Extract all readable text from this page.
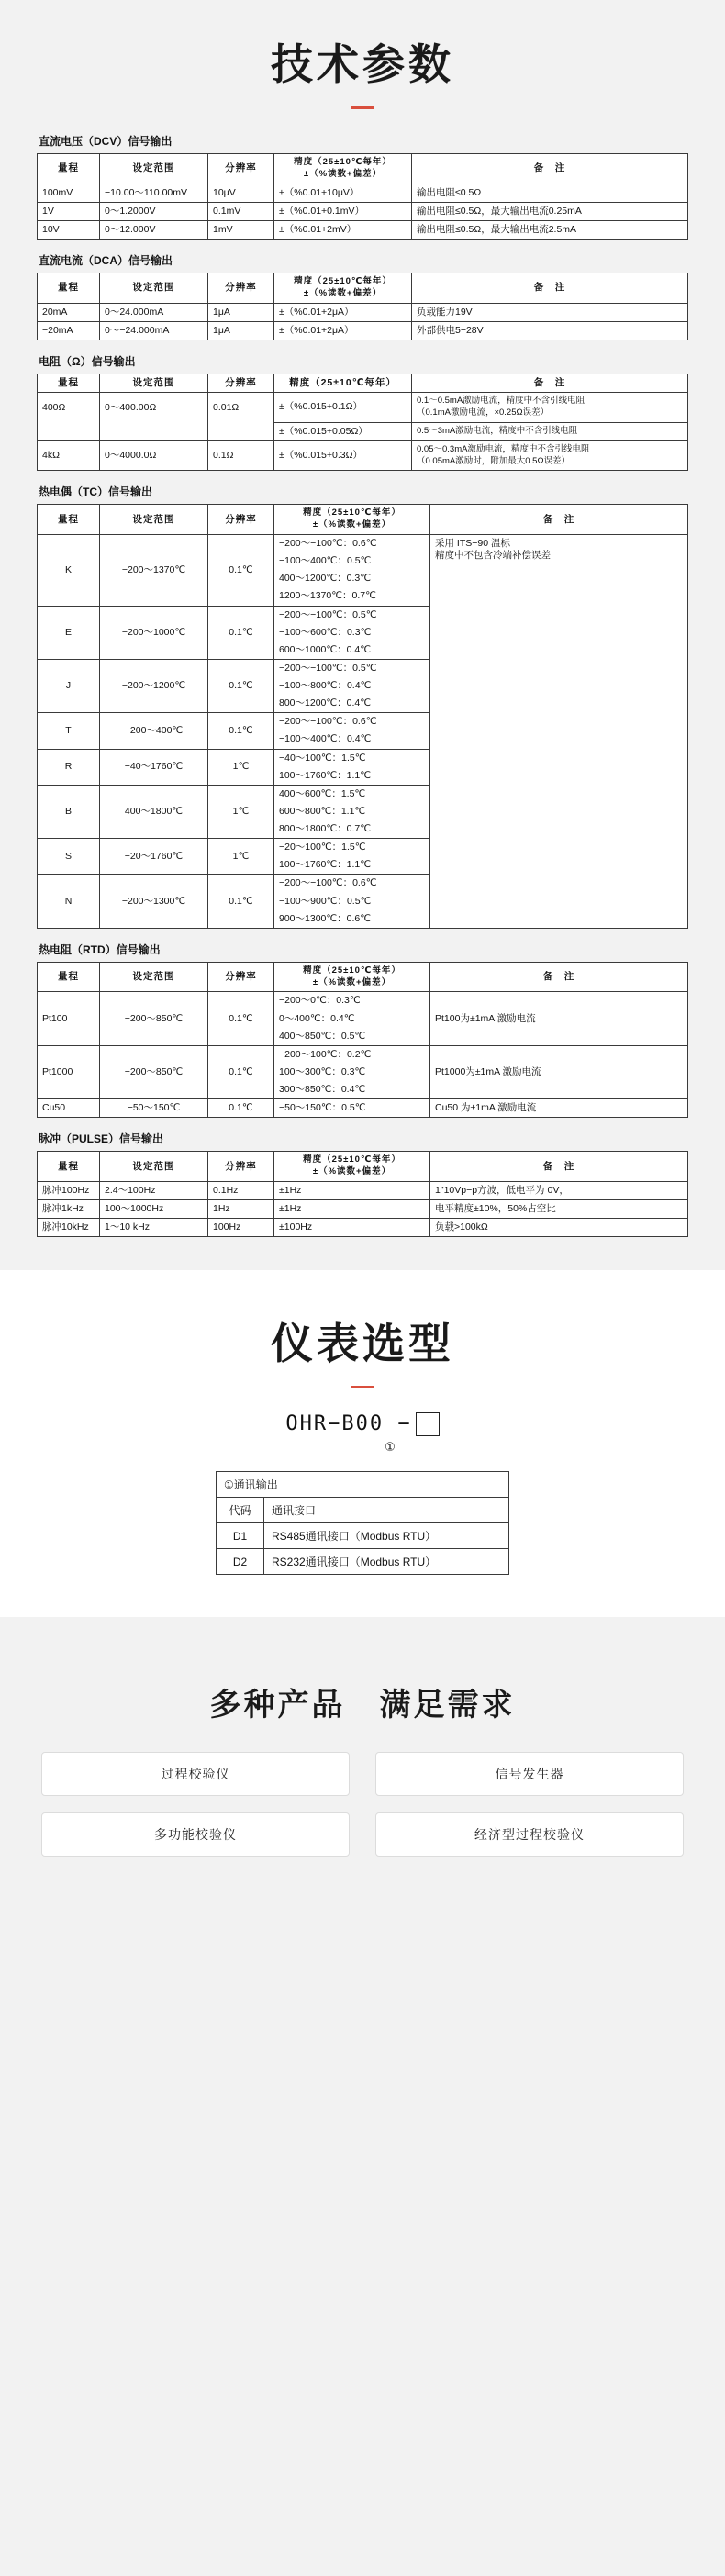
技术参数
直流电压（DCV）信号输出
量程	设定范围	分辨率	精度（25±10℃每年）
±（%读数+偏差）	备　注
100mV	−10.00〜110.00mV	10μV	±（%0.01+10μV）	输出电阻≤0.5Ω
1V	0〜1.2000V	0.1mV	±（%0.01+0.1mV）	输出电阻≤0.5Ω，最大输出电流0.25mA
10V	0〜12.000V	1mV	±（%0.01+2mV）	输出电阻≤0.5Ω，最大输出电流2.5mA
直流电流（DCA）信号输出
量程	设定范围	分辨率	精度（25±10℃每年）
±（%读数+偏差）	备　注
20mA	0〜24.000mA	1μA	±（%0.01+2μA）	负载能力19V
−20mA	0〜−24.000mA	1μA	±（%0.01+2μA）	外部供电5−28V
电阻（Ω）信号输出
量程	设定范围	分辨率	精度（25±10℃每年）	备　注
400Ω	0〜400.00Ω	0.01Ω	±（%0.015+0.1Ω）	0.1〜0.5mA激励电流，精度中不含引线电阻
（0.1mA激励电流，×0.25Ω误差）
			±（%0.015+0.05Ω）	0.5〜3mA激励电流，精度中不含引线电阻
4kΩ	0〜4000.0Ω	0.1Ω	±（%0.015+0.3Ω）	0.05〜0.3mA激励电流，精度中不含引线电阻
（0.05mA激励时，附加最大0.5Ω误差）
热电偶（TC）信号输出
量程	设定范围	分辨率	精度（25±10℃每年）
±（%读数+偏差）	备　注
K	−200〜1370℃	0.1℃	−200〜−100℃：0.6℃	采用 ITS−90 温标
精度中不包含冷端补偿误差

			−100〜400℃：0.5℃	
			400〜1200℃：0.3℃	
			1200〜1370℃：0.7℃	
E	−200〜1000℃	0.1℃	−200〜−100℃：0.5℃	
			−100〜600℃：0.3℃	
			600〜1000℃：0.4℃	
J	−200〜1200℃	0.1℃	−200〜−100℃：0.5℃	
			−100〜800℃：0.4℃	
			800〜1200℃：0.4℃	
T	−200〜400℃	0.1℃	−200〜−100℃：0.6℃	
			−100〜400℃：0.4℃	
R	−40〜1760℃	1℃	−40〜100℃：1.5℃	
			100〜1760℃：1.1℃	
B	400〜1800℃	1℃	400〜600℃：1.5℃	
			600〜800℃：1.1℃	
			800〜1800℃：0.7℃	
S	−20〜1760℃	1℃	−20〜100℃：1.5℃	
			100〜1760℃：1.1℃	
N	−200〜1300℃	0.1℃	−200〜−100℃：0.6℃	
			−100〜900℃：0.5℃	
			900〜1300℃：0.6℃	
热电阻（RTD）信号输出
量程	设定范围	分辨率	精度（25±10℃每年）
±（%读数+偏差）	备　注
Pt100	−200〜850℃	0.1℃	−200〜0℃：0.3℃	Pt100为±1mA 激励电流
			0〜400℃：0.4℃	
			400〜850℃：0.5℃	
Pt1000	−200〜850℃	0.1℃	−200〜100℃：0.2℃	Pt1000为±1mA 激励电流
			100〜300℃：0.3℃	
			300〜850℃：0.4℃	
Cu50	−50〜150℃	0.1℃	−50〜150℃：0.5℃	Cu50 为±1mA 激励电流
脉冲（PULSE）信号输出
量程	设定范围	分辨率	精度（25±10℃每年）
±（%读数+偏差）	备　注
脉冲100Hz	2.4〜100Hz	0.1Hz	±1Hz	1"10Vp−p方波，低电平为 0V，
脉冲1kHz	100〜1000Hz	1Hz	±1Hz	电平精度±10%，50%占空比
脉冲10kHz	1〜10 kHz	100Hz	±100Hz	负载>100kΩ
仪表选型
OHR−B00 −
①
①通讯输出	
代码	通讯接口
D1	RS485通讯接口（Modbus RTU）
D2	RS232通讯接口（Modbus RTU）
多种产品　满足需求
过程校验仪	信号发生器
多功能校验仪	经济型过程校验仪
